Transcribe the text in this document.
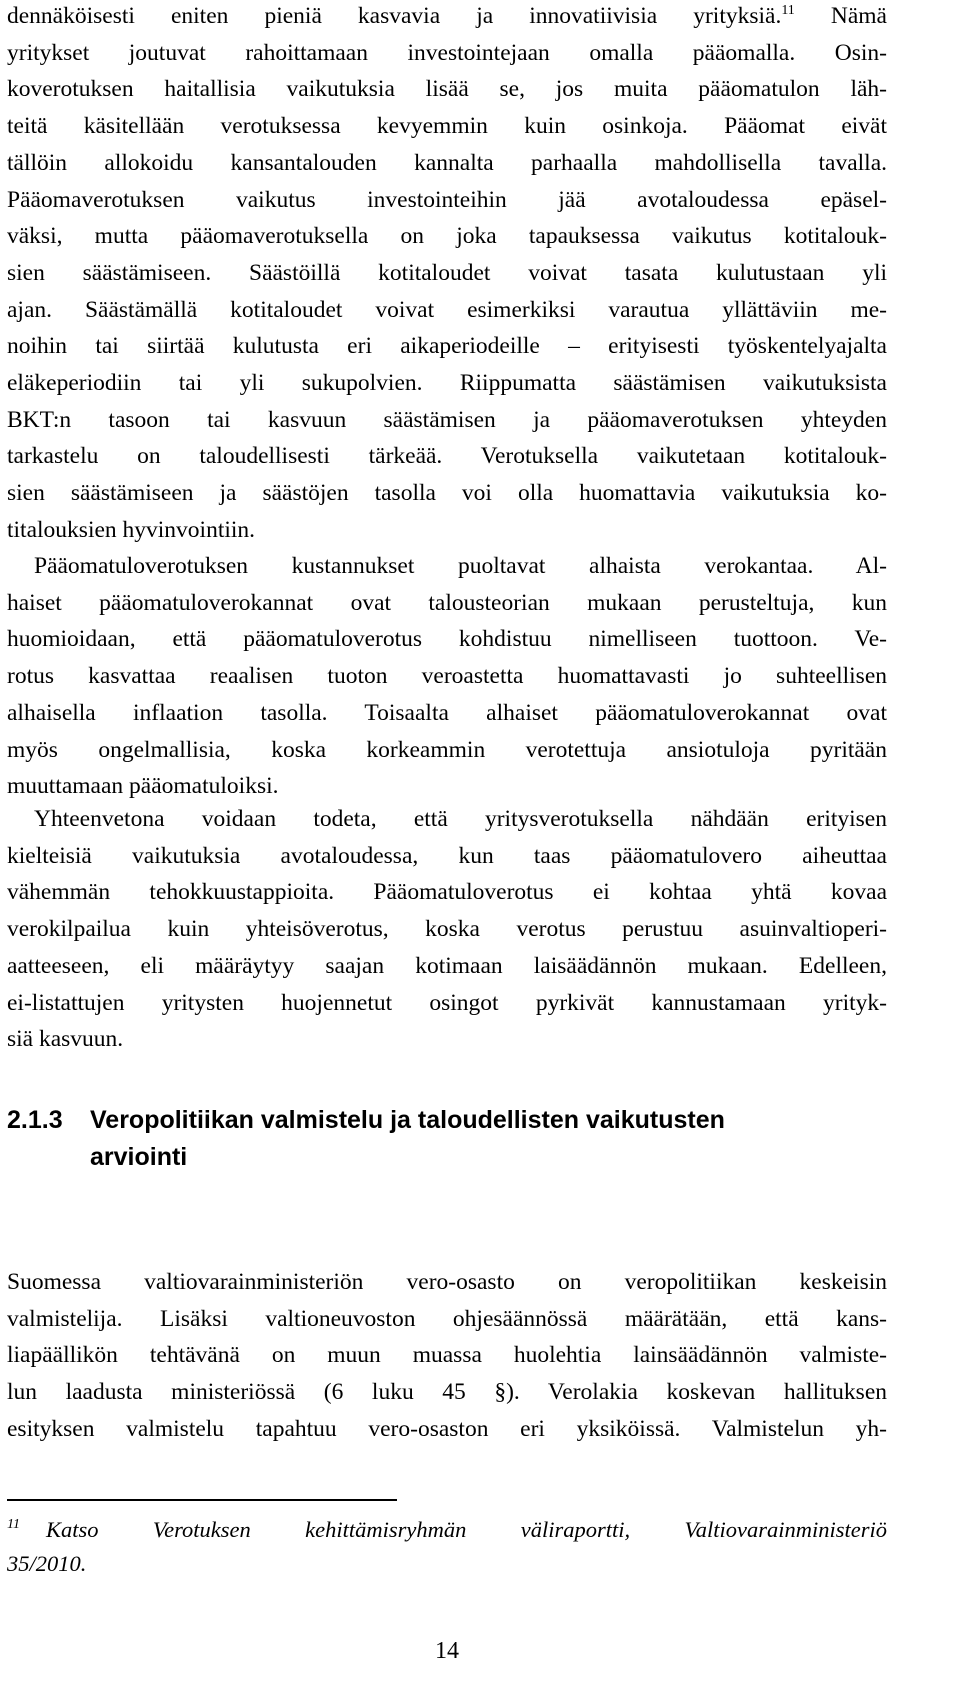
dennäköisesti eniten pieniä kasvavia ja innovatiivisia yrityksiä.$^{11}$ Nämä
yritykset joutuvat rahoittamaan investointejaan omalla pääomalla. Osin-
koverotuksen haitallisia vaikutuksia lisää se, jos muita pääomatulon läh-
teitä käsitellään verotuksessa kevyemmin kuin osinkoja. Pääomat eivät
tällöin allokoidu kansantalouden kannalta parhaalla mahdollisella tavalla.
Pääomaverotuksen vaikutus investointeihin jää avotaloudessa epäsel-
väksi, mutta pääomaverotuksella on joka tapauksessa vaikutus kotitalouk-
sien säästämiseen. Säästöillä kotitaloudet voivat tasata kulutustaan yli
ajan. Säästämällä kotitaloudet voivat esimerkiksi varautua yllättäviin me-
noihin tai siirtää kulutusta eri aikaperiodeille – erityisesti työskentelyajalta
eläkeperiodiin tai yli sukupolvien. Riippumatta säästämisen vaikutuksista
BKT:n tasoon tai kasvuun säästämisen ja pääomaverotuksen yhteyden
tarkastelu on taloudellisesti tärkeää. Verotuksella vaikutetaan kotitalouk-
sien säästämiseen ja säästöjen tasolla voi olla huomattavia vaikutuksia ko-
titalouksien hyvinvointiin.
Pääomatuloverotuksen kustannukset puoltavat alhaista verokantaa. Al-
haiset pääomatuloverokannat ovat talousteorian mukaan perusteltuja, kun
huomioidaan, että pääomatuloverotus kohdistuu nimelliseen tuottoon. Ve-
rotus kasvattaa reaalisen tuoton veroastetta huomattavasti jo suhteellisen
alhaisella inflaation tasolla. Toisaalta alhaiset pääomatuloverokannat ovat
myös ongelmallisia, koska korkeammin verotettuja ansiotuloja pyritään
muuttamaan pääomatuloiksi.
Yhteenvetona voidaan todeta, että yritysverotuksella nähdään erityisen
kielteisiä vaikutuksia avotaloudessa, kun taas pääomatulovero aiheuttaa
vähemmän tehokkuustappioita. Pääomatuloverotus ei kohtaa yhtä kovaa
verokilpailua kuin yhteisöverotus, koska verotus perustuu asuinvaltioperi-
aatteeseen, eli määräytyy saajan kotimaan laisäädännön mukaan. Edelleen,
ei-listattujen yritysten huojennetut osingot pyrkivät kannustamaan yrityk-
siä kasvuun.
2.1.3 Veropolitiikan valmistelu ja taloudellisten vaikutusten
arviointi
Suomessa valtiovarainministeriön vero-osasto on veropolitiikan keskeisin
valmistelija. Lisäksi valtioneuvoston ohjesäännössä määrätään, että kans-
liapäällikön tehtävänä on muun muassa huolehtia lainsäädännön valmiste-
lun laadusta ministeriössä (6 luku 45 §). Verolakia koskevan hallituksen
esityksen valmistelu tapahtuu vero-osaston eri yksiköissä. Valmistelun yh-
$^{11}$ Katso Verotuksen kehittämisryhmän väliraportti, Valtiovarainministeriö
35/2010.
14
